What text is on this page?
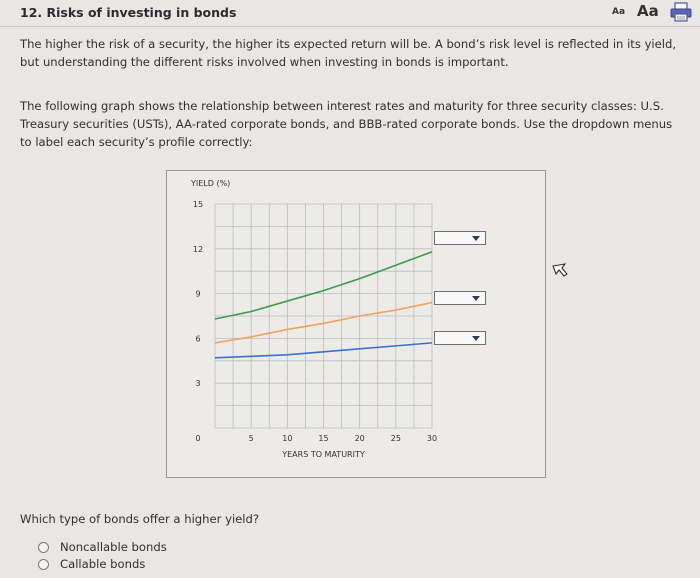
12. Risks of investing in bonds	Aa Aa
The higher the risk of a security, the higher its expected return will be. A bond’s risk level is reflected in its yield, but understanding the different risks involved when investing in bonds is important.
The following graph shows the relationship between interest rates and maturity for three security classes: U.S. Treasury securities (USTs), AA-rated corporate bonds, and BBB-rated corporate bonds. Use the dropdown menus to label each security’s profile correctly:
YIELD (%)
YEARS TO MATURITY
15
12
9
6
3
0	5	10	15	20	25	30
Which type of bonds offer a higher yield?
Noncallable bonds
Callable bonds
